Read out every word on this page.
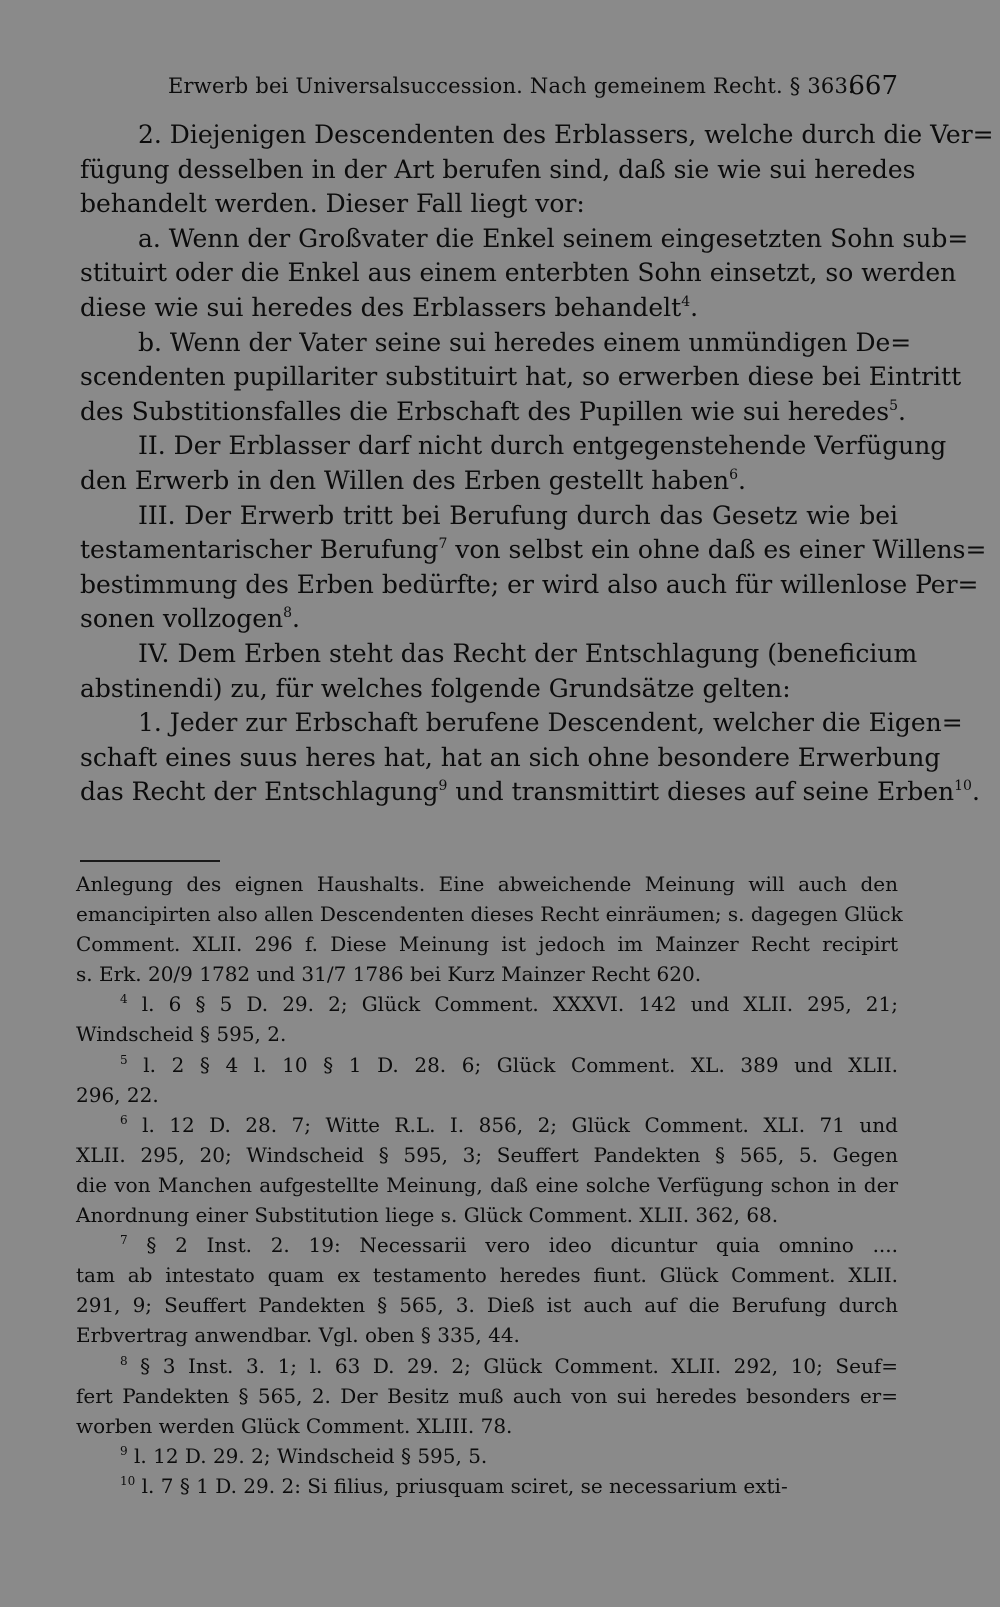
Erwerb bei Universalsuccession. Nach gemeinem Recht. § 363.
667
2. Diejenigen Descendenten des Erblassers, welche durch die Ver=
fügung desselben in der Art berufen sind, daß sie wie sui heredes
behandelt werden. Dieser Fall liegt vor:
a. Wenn der Großvater die Enkel seinem eingesetzten Sohn sub=
stituirt oder die Enkel aus einem enterbten Sohn einsetzt, so werden
diese wie sui heredes des Erblassers behandelt$^4$.
b. Wenn der Vater seine sui heredes einem unmündigen De=
scendenten pupillariter substituirt hat, so erwerben diese bei Eintritt
des Substitionsfalles die Erbschaft des Pupillen wie sui heredes$^5$.
II. Der Erblasser darf nicht durch entgegenstehende Verfügung
den Erwerb in den Willen des Erben gestellt haben$^6$.
III. Der Erwerb tritt bei Berufung durch das Gesetz wie bei
testamentarischer Berufung$^7$ von selbst ein ohne daß es einer Willens=
bestimmung des Erben bedürfte; er wird also auch für willenlose Per=
sonen vollzogen$^8$.
IV. Dem Erben steht das Recht der Entschlagung (beneficium
abstinendi) zu, für welches folgende Grundsätze gelten:
1. Jeder zur Erbschaft berufene Descendent, welcher die Eigen=
schaft eines suus heres hat, hat an sich ohne besondere Erwerbung
das Recht der Entschlagung$^9$ und transmittirt dieses auf seine Erben$^{10}$.
Anlegung des eignen Haushalts. Eine abweichende Meinung will auch den
emancipirten also allen Descendenten dieses Recht einräumen; s. dagegen Glück
Comment. XLII. 296 f. Diese Meinung ist jedoch im Mainzer Recht recipirt
s. Erk. 20/9 1782 und 31/7 1786 bei Kurz Mainzer Recht 620.
$^4$ l. 6 § 5 D. 29. 2; Glück Comment. XXXVI. 142 und XLII. 295, 21;
Windscheid § 595, 2.
$^5$ l. 2 § 4 l. 10 § 1 D. 28. 6; Glück Comment. XL. 389 und XLII.
296, 22.
$^6$ l. 12 D. 28. 7; Witte R.L. I. 856, 2; Glück Comment. XLI. 71 und
XLII. 295, 20; Windscheid § 595, 3; Seuffert Pandekten § 565, 5. Gegen
die von Manchen aufgestellte Meinung, daß eine solche Verfügung schon in der
Anordnung einer Substitution liege s. Glück Comment. XLII. 362, 68.
$^7$ § 2 Inst. 2. 19: Necessarii vero ideo dicuntur quia omnino ....
tam ab intestato quam ex testamento heredes fiunt. Glück Comment. XLII.
291, 9; Seuffert Pandekten § 565, 3. Dieß ist auch auf die Berufung durch
Erbvertrag anwendbar. Vgl. oben § 335, 44.
$^8$ § 3 Inst. 3. 1; l. 63 D. 29. 2; Glück Comment. XLII. 292, 10; Seuf=
fert Pandekten § 565, 2. Der Besitz muß auch von sui heredes besonders er=
worben werden Glück Comment. XLIII. 78.
$^9$ l. 12 D. 29. 2; Windscheid § 595, 5.
$^{10}$ l. 7 § 1 D. 29. 2: Si filius, priusquam sciret, se necessarium exti-
